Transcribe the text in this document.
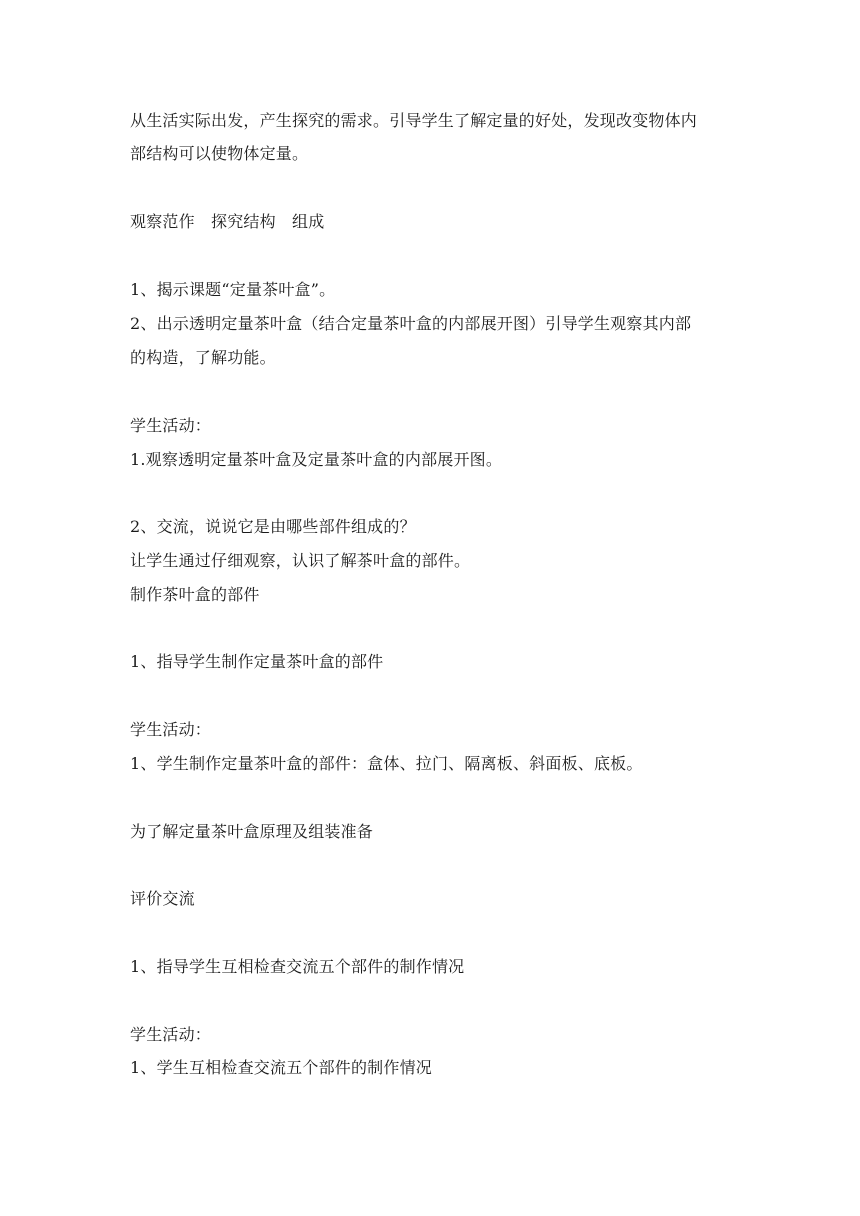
从生活实际出发，产生探究的需求。引导学生了解定量的好处，发现改变物体内
部结构可以使物体定量。
观察范作　探究结构　组成
1、揭示课题“定量茶叶盒”。
2、出示透明定量茶叶盒（结合定量茶叶盒的内部展开图）引导学生观察其内部
的构造，了解功能。
学生活动：
1.观察透明定量茶叶盒及定量茶叶盒的内部展开图。
2、交流，说说它是由哪些部件组成的？
让学生通过仔细观察，认识了解茶叶盒的部件。
制作茶叶盒的部件
1、指导学生制作定量茶叶盒的部件
学生活动：
1、学生制作定量茶叶盒的部件：盒体、拉门、隔离板、斜面板、底板。
为了解定量茶叶盒原理及组装准备
评价交流
1、指导学生互相检查交流五个部件的制作情况
学生活动：
1、学生互相检查交流五个部件的制作情况
